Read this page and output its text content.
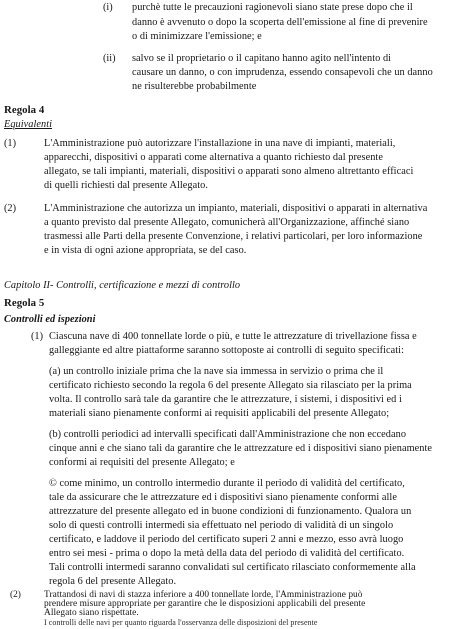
(i) purchè tutte le precauzioni ragionevoli siano state prese dopo che il
danno è avvenuto o dopo la scoperta dell'emissione al fine di prevenire
o di minimizzare l'emissione; e
(ii) salvo se il proprietario o il capitano hanno agito nell'intento di
causare un danno, o con imprudenza, essendo consapevoli che un danno
ne risulterebbe probabilmente
Regola 4
Equivalenti
(1)	L'Amministrazione può autorizzare l'installazione in una nave di impianti, materiali,
apparecchi, dispositivi o apparati come alternativa a quanto richiesto dal presente
allegato, se tali impianti, materiali, dispositivi o apparati sono almeno altrettanto efficaci
di quelli richiesti dal presente Allegato.
(2)	L'Amministrazione che autorizza un impianto, materiali, dispositivi o apparati in alternativa
a quanto previsto dal presente Allegato, comunicherà all'Organizzazione, affinché siano
trasmessi alle Parti della presente Convenzione, i relativi particolari, per loro informazione
e in vista di ogni azione appropriata, se del caso.
Capitolo II- Controlli, certificazione e mezzi di controllo
Regola 5
Controlli ed ispezioni
(1) Ciascuna nave di 400 tonnellate lorde o più, e tutte le attrezzature di trivellazione fissa e
galleggiante ed altre piattaforme saranno sottoposte ai controlli di seguito specificati:
(a) un controllo iniziale prima che la nave sia immessa in servizio o prima che il
certificato richiesto secondo la regola 6 del presente Allegato sia rilasciato per la prima
volta. Il controllo sarà tale da garantire che le attrezzature, i sistemi, i dispositivi ed i
materiali siano pienamente conformi ai requisiti applicabili del presente Allegato;
(b) controlli periodici ad intervalli specificati dall'Amministrazione che non eccedano
cinque anni e che siano tali da garantire che le attrezzature ed i dispositivi siano pienamente
conformi ai requisiti del presente Allegato; e
© come minimo, un controllo intermedio durante il periodo di validità del certificato,
tale da assicurare che le attrezzature ed i dispositivi siano pienamente conformi alle
attrezzature del presente allegato ed in buone condizioni di funzionamento. Qualora un
solo di questi controlli intermedi sia effettuato nel periodo di validità di un singolo
certificato, e laddove il periodo del certificato superi 2 anni e mezzo, esso avrà luogo
entro sei mesi - prima o dopo la metà della data del periodo di validità del certificato.
Tali controlli intermedi saranno convalidati sul certificato rilasciato conformemente alla
regola 6 del presente Allegato.
(2) Trattandosi di navi di stazza inferiore a 400 tonnellate lorde, l'Amministrazione può
prendere misure appropriate per garantire che le disposizioni applicabili del presente
Allegato siano rispettate.
I controlli delle navi per quanto riguarda l'osservanza delle disposizioni del presente
